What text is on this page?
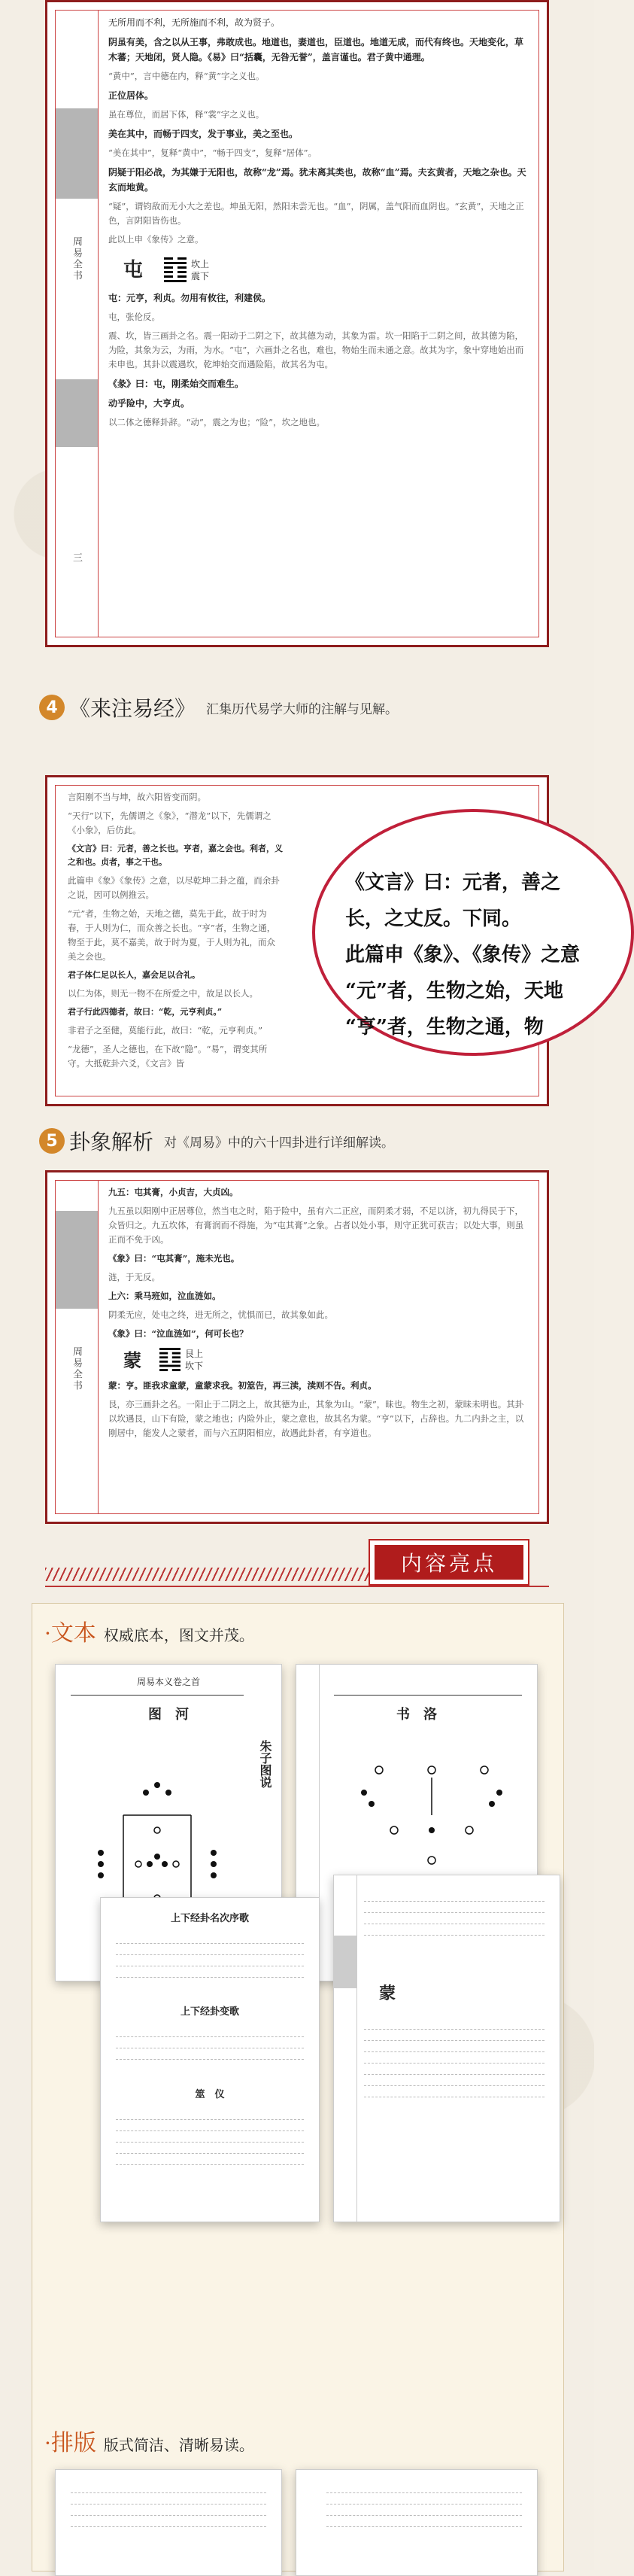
周易全书
三

无所用而不利，无所施而不利，故为贤子。

阴虽有美，含之以从王事，弗敢成也。地道也，妻道也，臣道也。地道无成，而代有终也。天地变化，草木蕃；天地闭，贤人隐。《易》曰“括囊，无咎无誉”，盖言谨也。君子黄中通理。

“黄中”，言中德在内，释“黄”字之义也。

正位居体。

虽在尊位，而居下体，释“裳”字之义也。

美在其中，而畅于四支，发于事业，美之至也。

“美在其中”，复释“黄中”，“畅于四支”，复释“居体”。

阴疑于阳必战，为其嫌于无阳也，故称“龙”焉。犹未离其类也，故称“血”焉。夫玄黄者，天地之杂也。天玄而地黄。

“疑”，谓钧敌而无小大之差也。坤虽无阳，然阳未尝无也。“血”，阴属，盖气阳而血阴也。“玄黄”，天地之正色，言阴阳皆伤也。

此以上申《象传》之意。

屯	坎上
震下

屯：元亨，利贞。勿用有攸往，利建侯。

屯，张伦反。

震、坎，皆三画卦之名。震一阳动于二阴之下，故其德为动，其象为雷。坎一阳陷于二阴之间，故其德为陷，为险，其象为云，为雨，为水。“屯”，六画卦之名也，难也，物始生而未通之意。故其为字，象屮穿地始出而未申也。其卦以震遇坎，乾坤始交而遇险陷，故其名为屯。

《彖》曰：屯，刚柔始交而难生。

动乎险中，大亨贞。

以二体之德释卦辞。“动”，震之为也；“险”，坎之地也。

4 《来注易经》 汇集历代易学大师的注解与见解。

言阳刚不当与坤，故六阳皆变而阴。

“天行”以下，先儒谓之《象》，“潜龙”以下，先儒谓之《小象》，后仿此。

《文言》曰：元者，善之长也。亨者，嘉之会也。利者，义之和也。贞者，事之干也。

此篇申《象》《象传》之意，以尽乾坤二卦之蕴，而余卦之说，因可以例推云。

“元”者，生物之始，天地之德，莫先于此，故于时为春，于人则为仁，而众善之长也。“亨”者，生物之通，物至于此，莫不嘉美，故于时为夏，于人则为礼，而众美之会也。

君子体仁足以长人，嘉会足以合礼。

以仁为体，则无一物不在所爱之中，故足以长人。

君子行此四德者，故曰：“乾，元亨利贞。”

非君子之至健，莫能行此，故曰：“乾，元亨利贞。”

“龙德”，圣人之德也，在下故“隐”。“易”，谓变其所守。大抵乾卦六爻，《文言》皆

《文言》曰：元者，善之
长，之丈反。下同。
此篇申《象》、《象传》之意
“元”者，生物之始，天地
“亨”者，生物之通，物
5 卦象解析 对《周易》中的六十四卦进行详细解读。
周易全书

九五：屯其膏，小贞吉，大贞凶。

九五虽以阳刚中正居尊位，然当屯之时，陷于险中，虽有六二正应，而阴柔才弱，不足以济，初九得民于下，众皆归之。九五坎体，有膏润而不得施，为“屯其膏”之象。占者以处小事，则守正犹可获吉；以处大事，则虽正而不免于凶。

《象》曰：“屯其膏”，施未光也。

涟，于无反。

上六：乘马班如，泣血涟如。

阴柔无应，处屯之终，进无所之，忧惧而已，故其象如此。

《象》曰：“泣血涟如”，何可长也？

蒙	艮上
坎下

蒙：亨。匪我求童蒙，童蒙求我。初筮告，再三渎，渎则不告。利贞。

艮，亦三画卦之名。一阳止于二阴之上，故其德为止，其象为山。“蒙”，昧也。物生之初，蒙昧未明也。其卦以坎遇艮，山下有险，蒙之地也；内险外止，蒙之意也，故其名为蒙。“亨”以下，占辞也。九二内卦之主，以刚居中，能发人之蒙者，而与六五阴阳相应，故遇此卦者，有亨道也。

内容亮点
· 文本 权威底本，图文并茂。
周易本义卷之首
图　河
朱子图说
书　洛
上下经卦名次序歌
上下经卦变歌
筮　仪
蒙
· 排版 版式简洁、清晰易读。
